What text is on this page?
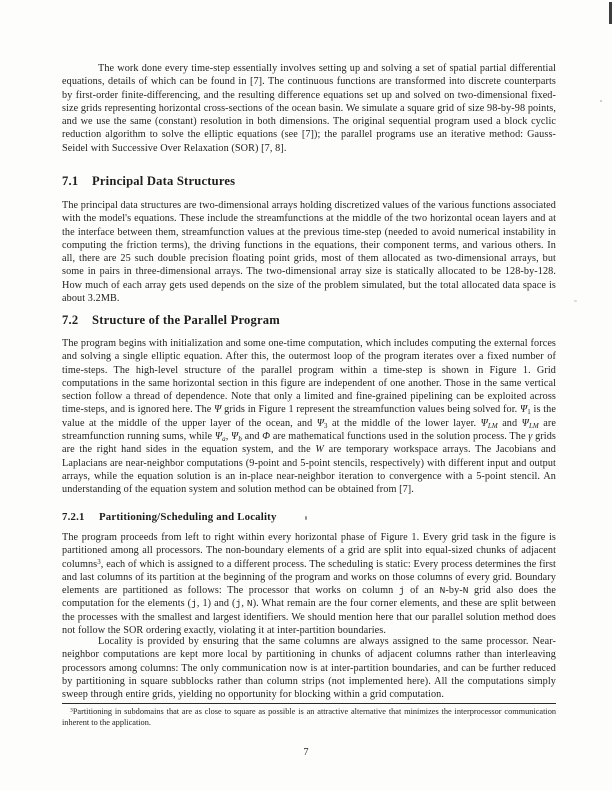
The work done every time-step essentially involves setting up and solving a set of spatial partial differential equations, details of which can be found in [7]. The continuous functions are transformed into discrete counterparts by first-order finite-differencing, and the resulting difference equations set up and solved on two-dimensional fixed-size grids representing horizontal cross-sections of the ocean basin. We simulate a square grid of size 98-by-98 points, and we use the same (constant) resolution in both dimensions. The original sequential program used a block cyclic reduction algorithm to solve the elliptic equations (see [7]); the parallel programs use an iterative method: Gauss-Seidel with Successive Over Relaxation (SOR) [7, 8].

7.1 Principal Data Structures

The principal data structures are two-dimensional arrays holding discretized values of the various functions associated with the model's equations. These include the streamfunctions at the middle of the two horizontal ocean layers and at the interface between them, streamfunction values at the previous time-step (needed to avoid numerical instability in computing the friction terms), the driving functions in the equations, their component terms, and various others. In all, there are 25 such double precision floating point grids, most of them allocated as two-dimensional arrays, but some in pairs in three-dimensional arrays. The two-dimensional array size is statically allocated to be 128-by-128. How much of each array gets used depends on the size of the problem simulated, but the total allocated data space is about 3.2MB.

7.2 Structure of the Parallel Program

The program begins with initialization and some one-time computation, which includes computing the external forces and solving a single elliptic equation. After this, the outermost loop of the program iterates over a fixed number of time-steps. The high-level structure of the parallel program within a time-step is shown in Figure 1. Grid computations in the same horizontal section in this figure are independent of one another. Those in the same vertical section follow a thread of dependence. Note that only a limited and fine-grained pipelining can be exploited across time-steps, and is ignored here. The Ψ grids in Figure 1 represent the streamfunction values being solved for. $\Psi_1$ is the value at the middle of the upper layer of the ocean, and $\Psi_3$ at the middle of the lower layer. $\Psi_{LM}$ and $\Psi_{LM}$ are streamfunction running sums, while $\Psi_a$, $\Psi_b$ and Φ are mathematical functions used in the solution process. The γ grids are the right hand sides in the equation system, and the W are temporary workspace arrays. The Jacobians and Laplacians are near-neighbor computations (9-point and 5-point stencils, respectively) with different input and output arrays, while the equation solution is an in-place near-neighbor iteration to convergence with a 5-point stencil. An understanding of the equation system and solution method can be obtained from [7].

7.2.1 Partitioning/Scheduling and Locality

The program proceeds from left to right within every horizontal phase of Figure 1. Every grid task in the figure is partitioned among all processors. The non-boundary elements of a grid are split into equal-sized chunks of adjacent columns$^3$, each of which is assigned to a different process. The scheduling is static: Every process determines the first and last columns of its partition at the beginning of the program and works on those columns of every grid. Boundary elements are partitioned as follows: The processor that works on column j of an N-by-N grid also does the computation for the elements (j, 1) and (j, N). What remain are the four corner elements, and these are split between the processes with the smallest and largest identifiers. We should mention here that our parallel solution method does not follow the SOR ordering exactly, violating it at inter-partition boundaries.

Locality is provided by ensuring that the same columns are always assigned to the same processor. Near-neighbor computations are kept more local by partitioning in chunks of adjacent columns rather than interleaving processors among columns: The only communication now is at inter-partition boundaries, and can be further reduced by partitioning in square subblocks rather than column strips (not implemented here). All the computations simply sweep through entire grids, yielding no opportunity for blocking within a grid computation.

$^3$Partitioning in subdomains that are as close to square as possible is an attractive alternative that minimizes the interprocessor communication inherent to the application.

7
